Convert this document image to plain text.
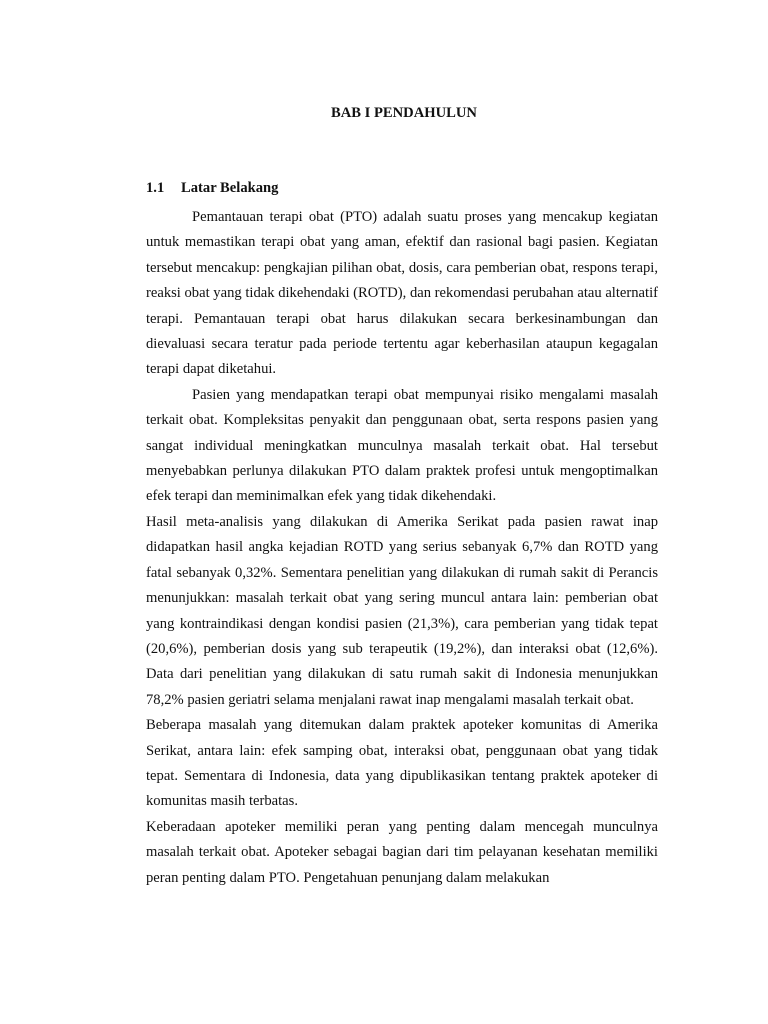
BAB I PENDAHULUN
1.1 Latar Belakang

Pemantauan terapi obat (PTO) adalah suatu proses yang mencakup kegiatan untuk memastikan terapi obat yang aman, efektif dan rasional bagi pasien. Kegiatan tersebut mencakup: pengkajian pilihan obat, dosis, cara pemberian obat, respons terapi, reaksi obat yang tidak dikehendaki (ROTD), dan rekomendasi perubahan atau alternatif terapi. Pemantauan terapi obat harus dilakukan secara berkesinambungan dan dievaluasi secara teratur pada periode tertentu agar keberhasilan ataupun kegagalan terapi dapat diketahui.

Pasien yang mendapatkan terapi obat mempunyai risiko mengalami masalah terkait obat. Kompleksitas penyakit dan penggunaan obat, serta respons pasien yang sangat individual meningkatkan munculnya masalah terkait obat. Hal tersebut menyebabkan perlunya dilakukan PTO dalam praktek profesi untuk mengoptimalkan efek terapi dan meminimalkan efek yang tidak dikehendaki.

Hasil meta-analisis yang dilakukan di Amerika Serikat pada pasien rawat inap didapatkan hasil angka kejadian ROTD yang serius sebanyak 6,7% dan ROTD yang fatal sebanyak 0,32%. Sementara penelitian yang dilakukan di rumah sakit di Perancis menunjukkan: masalah terkait obat yang sering muncul antara lain: pemberian obat yang kontraindikasi dengan kondisi pasien (21,3%), cara pemberian yang tidak tepat (20,6%), pemberian dosis yang sub terapeutik (19,2%), dan interaksi obat (12,6%). Data dari penelitian yang dilakukan di satu rumah sakit di Indonesia menunjukkan 78,2% pasien geriatri selama menjalani rawat inap mengalami masalah terkait obat.

Beberapa masalah yang ditemukan dalam praktek apoteker komunitas di Amerika Serikat, antara lain: efek samping obat, interaksi obat, penggunaan obat yang tidak tepat. Sementara di Indonesia, data yang dipublikasikan tentang praktek apoteker di komunitas masih terbatas.

Keberadaan apoteker memiliki peran yang penting dalam mencegah munculnya masalah terkait obat. Apoteker sebagai bagian dari tim pelayanan kesehatan memiliki peran penting dalam PTO. Pengetahuan penunjang dalam melakukan
